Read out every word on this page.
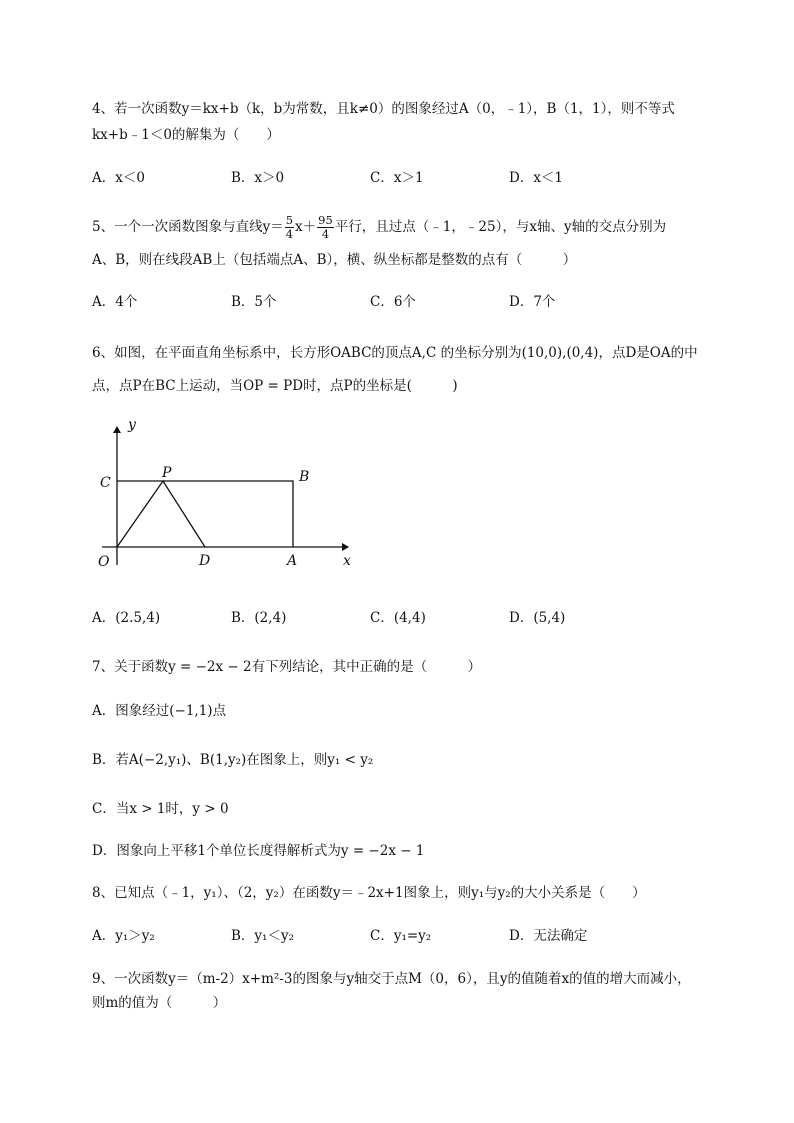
4、若一次函数y＝kx+b（k，b为常数，且k≠0）的图象经过A（0，﹣1），B（1，1），则不等式
kx+b﹣1＜0的解集为（　　）
A．x＜0	B．x＞0	C．x＞1	D．x＜1
5、一个一次函数图象与直线$y= \frac{5}{4} x+ \frac{95}{4}$ 平行，且过点（﹣1，﹣25），与x轴、y轴的交点分别为
A、B，则在线段AB上（包括端点A、B），横、纵坐标都是整数的点有（　　　）
A．4个	B．5个	C．6个	D．7个
6、如图，在平面直角坐标系中，长方形OABC的顶点A,C 的坐标分别为(10,0),(0,4)，点D是OA的中
点，点P在BC上运动，当OP = PD时，点P的坐标是(　　　)
y
x
C
P	B
O	D	A
A．(2.5,4)	B．(2,4)	C．(4,4)	D．(5,4)
7、关于函数y = −2x − 2有下列结论，其中正确的是（　　　）
A．图象经过(−1,1)点
B．若A(−2,y₁)、B(1,y₂)在图象上，则y₁ < y₂
C．当x > 1时，y > 0
D．图象向上平移1个单位长度得解析式为y = −2x − 1
8、已知点（﹣1，y₁）、（2，y₂）在函数y＝﹣2x+1图象上，则y₁与y₂的大小关系是（　　）
A．y₁＞y₂	B．y₁＜y₂	C．y₁=y₂	D．无法确定
9、一次函数y＝（m-2）x+m²-3的图象与y轴交于点M（0，6），且y的值随着x的值的增大而减小，
则m的值为（　　　）
